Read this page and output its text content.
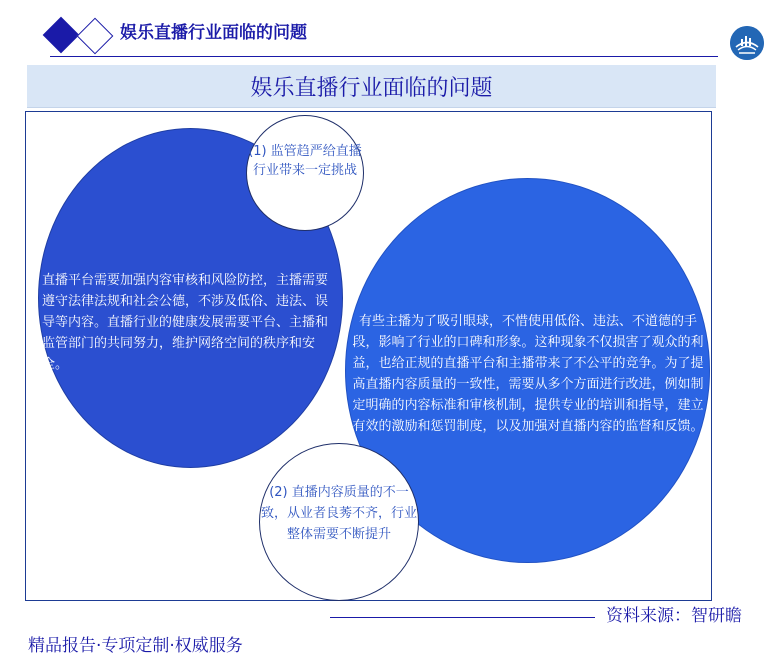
娱乐直播行业面临的问题
娱乐直播行业面临的问题
直播平台需要加强内容审核和风险防控，主播需要遵守法律法规和社会公德，不涉及低俗、违法、误导等内容。直播行业的健康发展需要平台、主播和监管部门的共同努力，维护网络空间的秩序和安全。
有些主播为了吸引眼球，不惜使用低俗、违法、不道德的手段，影响了行业的口碑和形象。这种现象不仅损害了观众的利益，也给正规的直播平台和主播带来了不公平的竞争。为了提高直播内容质量的一致性，需要从多个方面进行改进，例如制定明确的内容标准和审核机制，提供专业的培训和指导，建立有效的激励和惩罚制度，以及加强对直播内容的监督和反馈。
(1) 监管趋严给直播行业带来一定挑战
(2) 直播内容质量的不一致，从业者良莠不齐，行业整体需要不断提升
资料来源：智研瞻
精品报告·专项定制·权威服务
